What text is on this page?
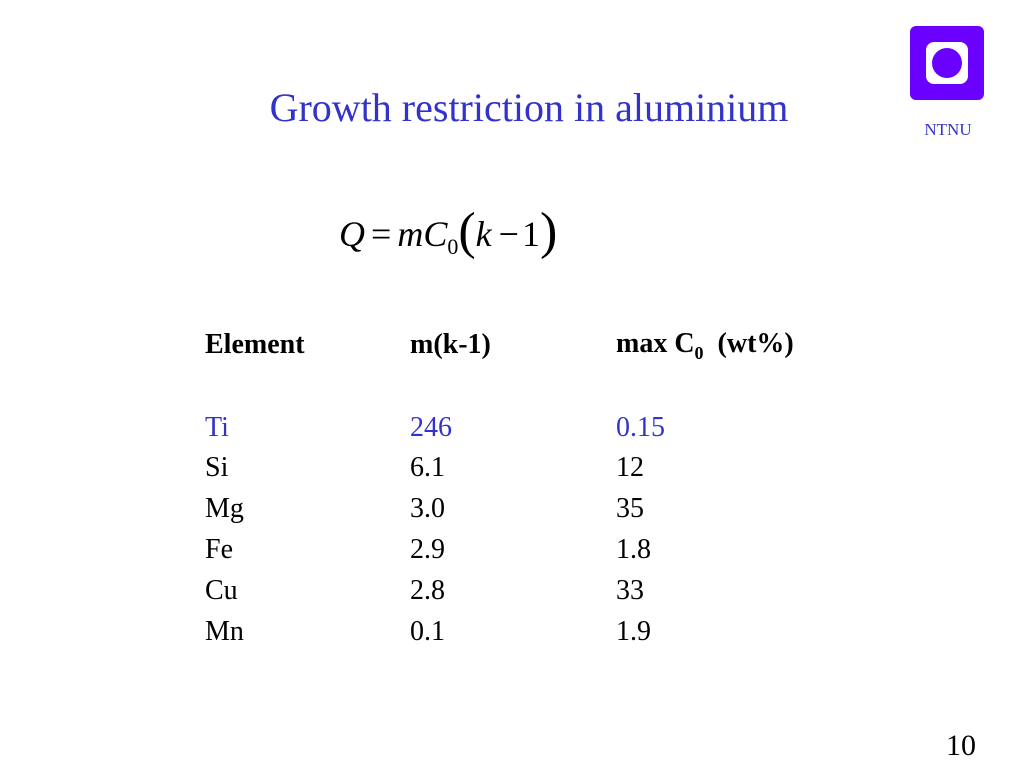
Growth restriction in aluminium	NTNU
$Q = mC_0(k -1)$
Element	m(k-1)	$\max C_0$ (wt%)

Ti	246	0.15
Si	6.1	12
Mg	3.0	35
Fe	2.9	1.8
Cu	2.8	33
Mn	0.1	1.9
10
